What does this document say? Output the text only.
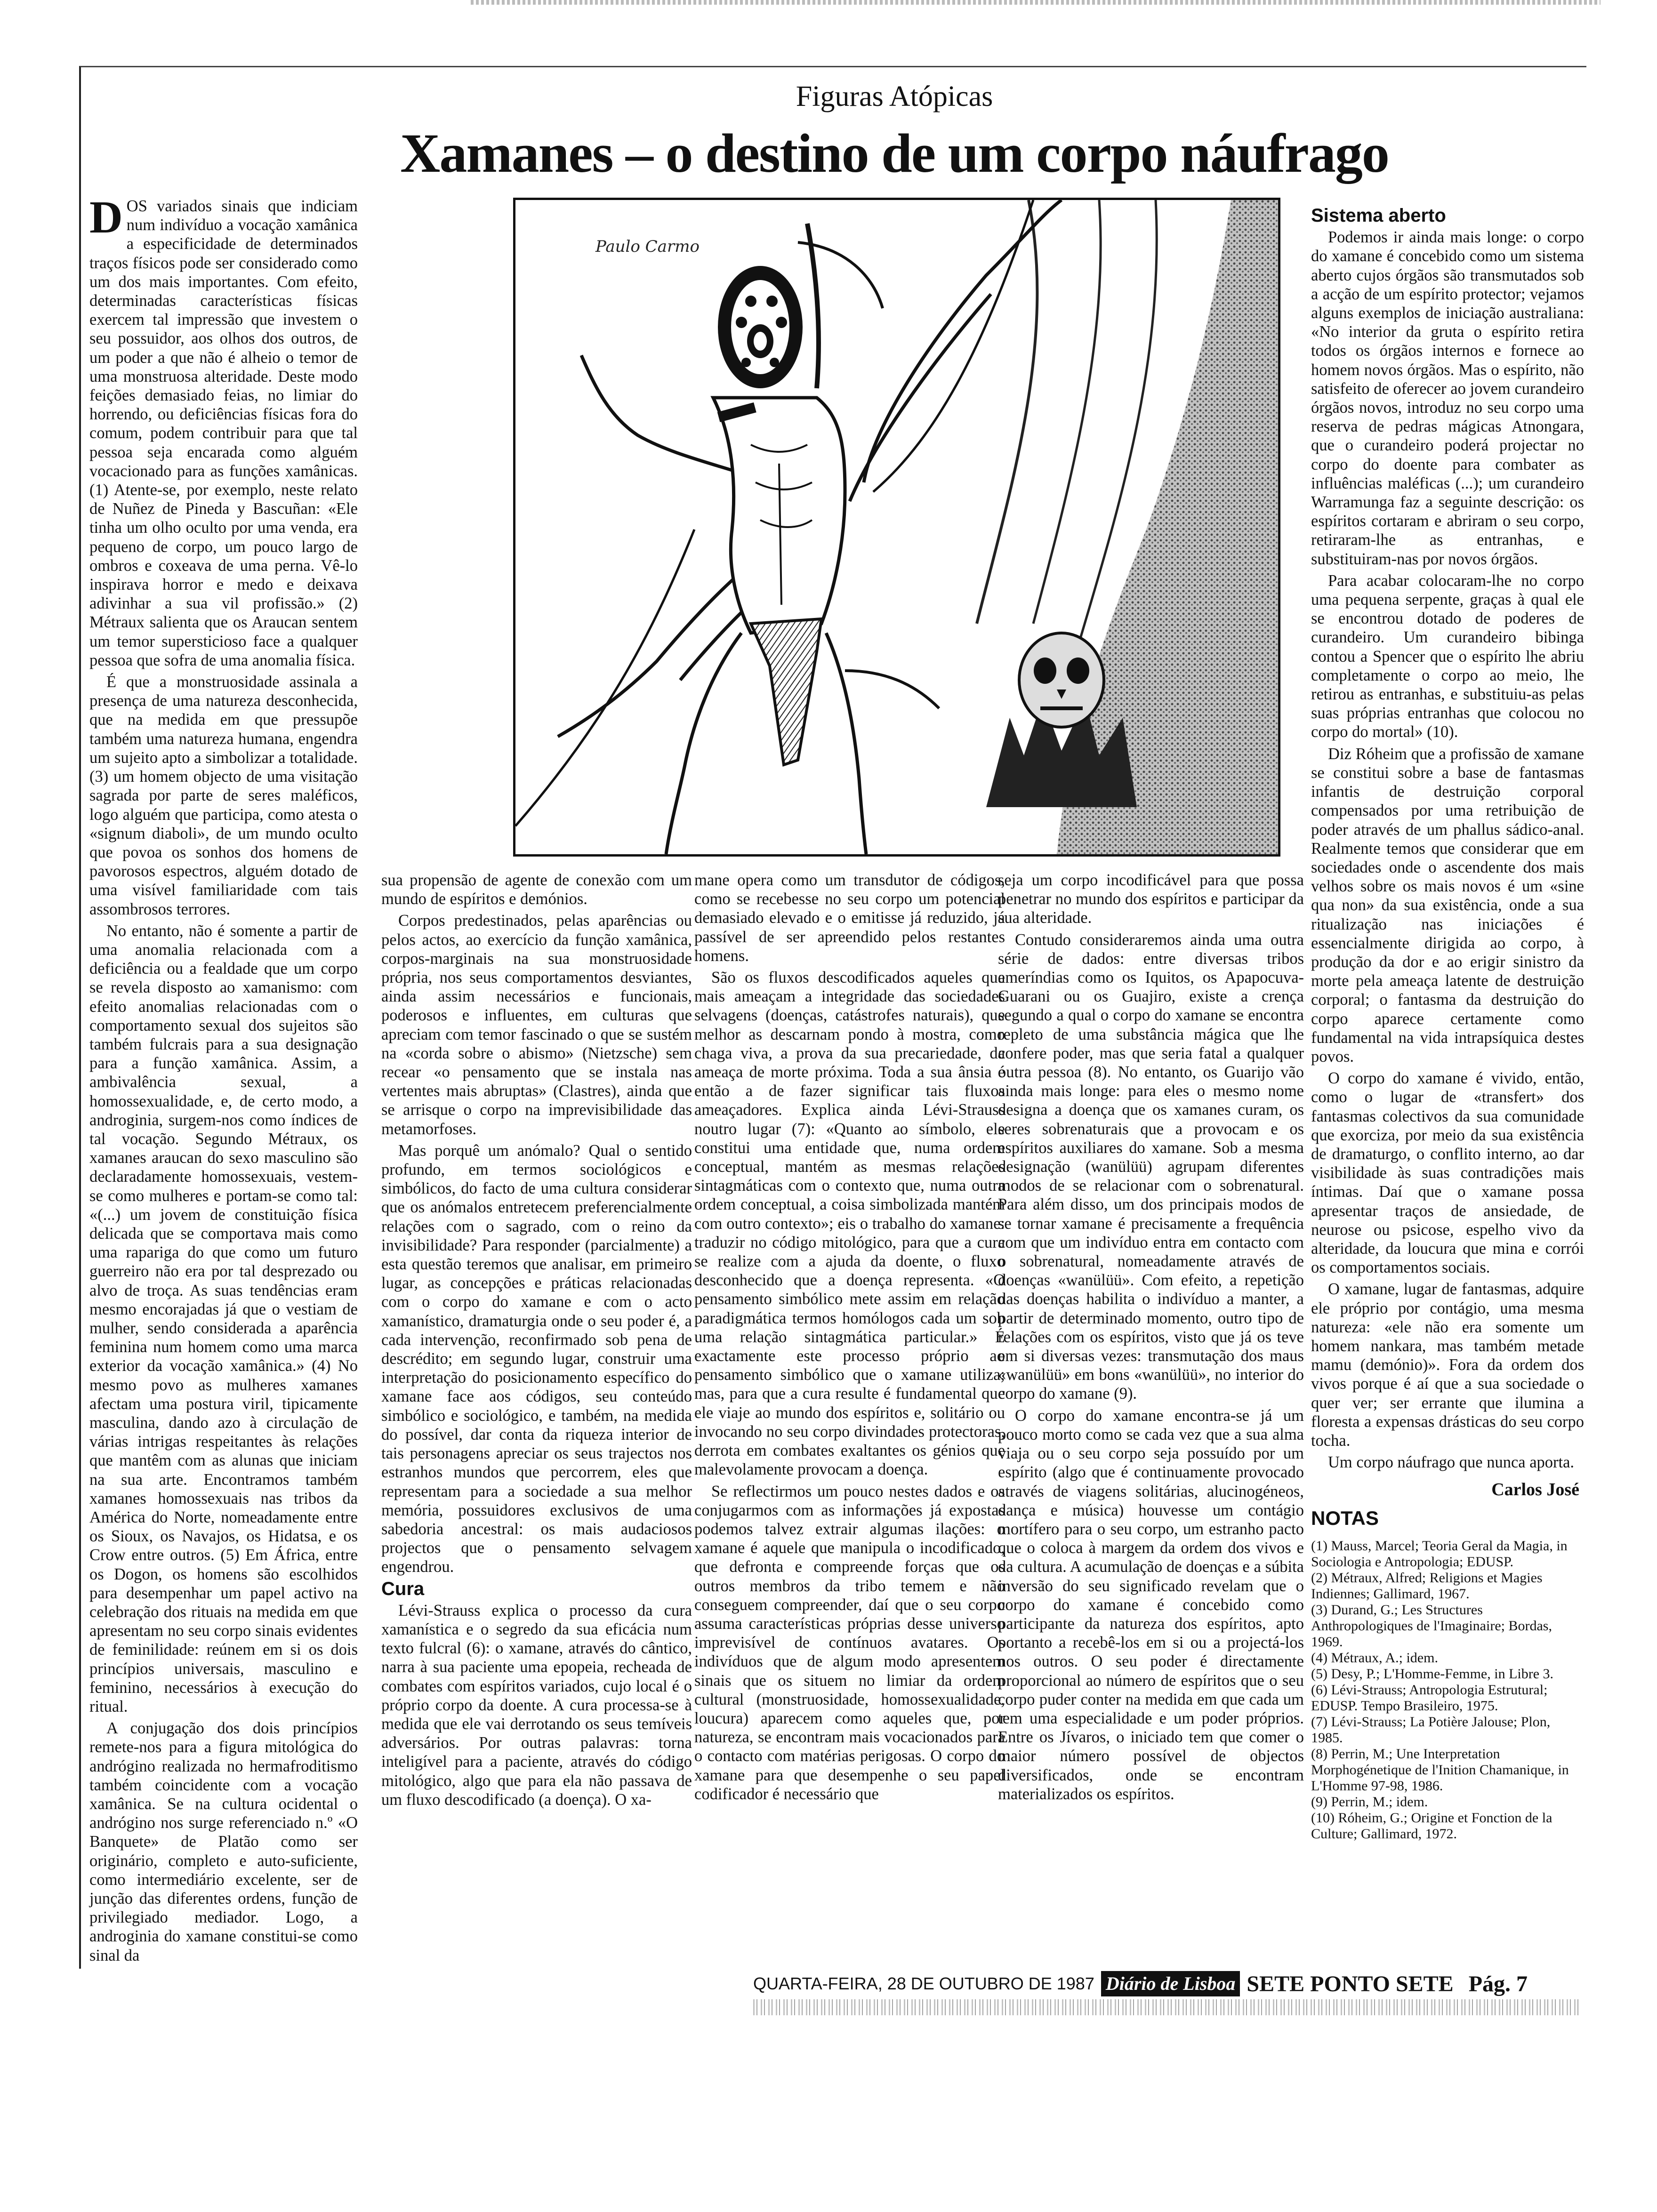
Figuras Atópicas
Xamanes – o destino de um corpo náufrago
Paulo Carmo

DOS variados sinais que indiciam num indivíduo a vocação xamânica a especificidade de determinados traços físicos pode ser considerado como um dos mais importantes. Com efeito, determinadas características físicas exercem tal impressão que investem o seu possuidor, aos olhos dos outros, de um poder a que não é alheio o temor de uma monstruosa alteridade. Deste modo feições demasiado feias, no limiar do horrendo, ou deficiências físicas fora do comum, podem contribuir para que tal pessoa seja encarada como alguém vocacionado para as funções xamânicas. (1) Atente-se, por exemplo, neste relato de Nuñez de Pineda y Bascuñan: «Ele tinha um olho oculto por uma venda, era pequeno de corpo, um pouco largo de ombros e coxeava de uma perna. Vê-lo inspirava horror e medo e deixava adivinhar a sua vil profissão.» (2) Métraux salienta que os Araucan sentem um temor supersticioso face a qualquer pessoa que sofra de uma anomalia física.

É que a monstruosidade assinala a presença de uma natureza desconhecida, que na medida em que pressupõe também uma natureza humana, engendra um sujeito apto a simbolizar a totalidade. (3) um homem objecto de uma visitação sagrada por parte de seres maléficos, logo alguém que participa, como atesta o «signum diaboli», de um mundo oculto que povoa os sonhos dos homens de pavorosos espectros, alguém dotado de uma visível familiaridade com tais assombrosos terrores.

No entanto, não é somente a partir de uma anomalia relacionada com a deficiência ou a fealdade que um corpo se revela disposto ao xamanismo: com efeito anomalias relacionadas com o comportamento sexual dos sujeitos são também fulcrais para a sua designação para a função xamânica. Assim, a ambivalência sexual, a homossexualidade, e, de certo modo, a androginia, surgem-nos como índices de tal vocação. Segundo Métraux, os xamanes araucan do sexo masculino são declaradamente homossexuais, vestem-se como mulheres e portam-se como tal: «(...) um jovem de constituição física delicada que se comportava mais como uma rapariga do que como um futuro guerreiro não era por tal desprezado ou alvo de troça. As suas tendências eram mesmo encorajadas já que o vestiam de mulher, sendo considerada a aparência feminina num homem como uma marca exterior da vocação xamânica.» (4) No mesmo povo as mulheres xamanes afectam uma postura viril, tipicamente masculina, dando azo à circulação de várias intrigas respeitantes às relações que mantêm com as alunas que iniciam na sua arte. Encontramos também xamanes homossexuais nas tribos da América do Norte, nomeadamente entre os Sioux, os Navajos, os Hidatsa, e os Crow entre outros. (5) Em África, entre os Dogon, os homens são escolhidos para desempenhar um papel activo na celebração dos rituais na medida em que apresentam no seu corpo sinais evidentes de feminilidade: reúnem em si os dois princípios universais, masculino e feminino, necessários à execução do ritual.

A conjugação dos dois princípios remete-nos para a figura mitológica do andrógino realizada no hermafroditismo também coincidente com a vocação xamânica. Se na cultura ocidental o andrógino nos surge referenciado n.º «O Banquete» de Platão como ser originário, completo e auto-suficiente, como intermediário excelente, ser de junção das diferentes ordens, função de privilegiado mediador. Logo, a androginia do xamane constitui-se como sinal da

sua propensão de agente de conexão com um mundo de espíritos e demónios.

Corpos predestinados, pelas aparências ou pelos actos, ao exercício da função xamânica, corpos-marginais na sua monstruosidade própria, nos seus comportamentos desviantes, ainda assim necessários e funcionais, poderosos e influentes, em culturas que apreciam com temor fascinado o que se sustém na «corda sobre o abismo» (Nietzsche) sem recear «o pensamento que se instala nas vertentes mais abruptas» (Clastres), ainda que se arrisque o corpo na imprevisibilidade das metamorfoses.

Mas porquê um anómalo? Qual o sentido profundo, em termos sociológicos e simbólicos, do facto de uma cultura considerar que os anómalos entretecem preferencialmente relações com o sagrado, com o reino da invisibilidade? Para responder (parcialmente) a esta questão teremos que analisar, em primeiro lugar, as concepções e práticas relacionadas com o corpo do xamane e com o acto xamanístico, dramaturgia onde o seu poder é, a cada intervenção, reconfirmado sob pena de descrédito; em segundo lugar, construir uma interpretação do posicionamento específico do xamane face aos códigos, seu conteúdo simbólico e sociológico, e também, na medida do possível, dar conta da riqueza interior de tais personagens apreciar os seus trajectos nos estranhos mundos que percorrem, eles que representam para a sociedade a sua melhor memória, possuidores exclusivos de uma sabedoria ancestral: os mais audaciosos projectos que o pensamento selvagem engendrou.

Cura

Lévi-Strauss explica o processo da cura xamanística e o segredo da sua eficácia num texto fulcral (6): o xamane, através do cântico, narra à sua paciente uma epopeia, recheada de combates com espíritos variados, cujo local é o próprio corpo da doente. A cura processa-se à medida que ele vai derrotando os seus temíveis adversários. Por outras palavras: torna inteligível para a paciente, através do código mitológico, algo que para ela não passava de um fluxo descodificado (a doença). O xa-

mane opera como um transdutor de códigos, como se recebesse no seu corpo um potencial demasiado elevado e o emitisse já reduzido, já passível de ser apreendido pelos restantes homens.

São os fluxos descodificados aqueles que mais ameaçam a integridade das sociedades selvagens (doenças, catástrofes naturais), que melhor as descarnam pondo à mostra, como chaga viva, a prova da sua precariedade, da ameaça de morte próxima. Toda a sua ânsia é então a de fazer significar tais fluxos ameaçadores. Explica ainda Lévi-Strauss noutro lugar (7): «Quanto ao símbolo, ele constitui uma entidade que, numa ordem conceptual, mantém as mesmas relações sintagmáticas com o contexto que, numa outra ordem conceptual, a coisa simbolizada mantém com outro contexto»; eis o trabalho do xamane: traduzir no código mitológico, para que a cura se realize com a ajuda da doente, o fluxo desconhecido que a doença representa. «O pensamento simbólico mete assim em relação paradigmática termos homólogos cada um sob uma relação sintagmática particular.» É exactamente este processo próprio ao pensamento simbólico que o xamane utiliza; mas, para que a cura resulte é fundamental que ele viaje ao mundo dos espíritos e, solitário ou invocando no seu corpo divindades protectoras, derrota em combates exaltantes os génios que malevolamente provocam a doença.

Se reflectirmos um pouco nestes dados e os conjugarmos com as informações já expostas podemos talvez extrair algumas ilações: o xamane é aquele que manipula o incodificado, que defronta e compreende forças que os outros membros da tribo temem e não conseguem compreender, daí que o seu corpo assuma características próprias desse universo imprevisível de contínuos avatares. Os indivíduos que de algum modo apresentem sinais que os situem no limiar da ordem cultural (monstruosidade, homossexualidade, loucura) aparecem como aqueles que, por natureza, se encontram mais vocacionados para o contacto com matérias perigosas. O corpo do xamane para que desempenhe o seu papel codificador é necessário que

seja um corpo incodificável para que possa penetrar no mundo dos espíritos e participar da sua alteridade.

Contudo consideraremos ainda uma outra série de dados: entre diversas tribos ameríndias como os Iquitos, os Apapocuva-Guarani ou os Guajiro, existe a crença segundo a qual o corpo do xamane se encontra repleto de uma substância mágica que lhe confere poder, mas que seria fatal a qualquer outra pessoa (8). No entanto, os Guarijo vão ainda mais longe: para eles o mesmo nome designa a doença que os xamanes curam, os seres sobrenaturais que a provocam e os espíritos auxiliares do xamane. Sob a mesma designação (wanülüü) agrupam diferentes modos de se relacionar com o sobrenatural. Para além disso, um dos principais modos de se tornar xamane é precisamente a frequência com que um indivíduo entra em contacto com o sobrenatural, nomeadamente através de doenças «wanülüü». Com efeito, a repetição das doenças habilita o indivíduo a manter, a partir de determinado momento, outro tipo de relações com os espíritos, visto que já os teve em si diversas vezes: transmutação dos maus «wanülüü» em bons «wanülüü», no interior do corpo do xamane (9).

O corpo do xamane encontra-se já um pouco morto como se cada vez que a sua alma viaja ou o seu corpo seja possuído por um espírito (algo que é continuamente provocado através de viagens solitárias, alucinogéneos, dança e música) houvesse um contágio mortífero para o seu corpo, um estranho pacto que o coloca à margem da ordem dos vivos e da cultura. A acumulação de doenças e a súbita inversão do seu significado revelam que o corpo do xamane é concebido como participante da natureza dos espíritos, apto portanto a recebê-los em si ou a projectá-los nos outros. O seu poder é directamente proporcional ao número de espíritos que o seu corpo puder conter na medida em que cada um tem uma especialidade e um poder próprios. Entre os Jívaros, o iniciado tem que comer o maior número possível de objectos diversificados, onde se encontram materializados os espíritos.

Sistema aberto

Podemos ir ainda mais longe: o corpo do xamane é concebido como um sistema aberto cujos órgãos são transmutados sob a acção de um espírito protector; vejamos alguns exemplos de iniciação australiana: «No interior da gruta o espírito retira todos os órgãos internos e fornece ao homem novos órgãos. Mas o espírito, não satisfeito de oferecer ao jovem curandeiro órgãos novos, introduz no seu corpo uma reserva de pedras mágicas Atnongara, que o curandeiro poderá projectar no corpo do doente para combater as influências maléficas (...); um curandeiro Warramunga faz a seguinte descrição: os espíritos cortaram e abriram o seu corpo, retiraram-lhe as entranhas, e substituiram-nas por novos órgãos.

Para acabar colocaram-lhe no corpo uma pequena serpente, graças à qual ele se encontrou dotado de poderes de curandeiro. Um curandeiro bibinga contou a Spencer que o espírito lhe abriu completamente o corpo ao meio, lhe retirou as entranhas, e substituiu-as pelas suas próprias entranhas que colocou no corpo do mortal» (10).

Diz Róheim que a profissão de xamane se constitui sobre a base de fantasmas infantis de destruição corporal compensados por uma retribuição de poder através de um phallus sádico-anal. Realmente temos que considerar que em sociedades onde o ascendente dos mais velhos sobre os mais novos é um «sine qua non» da sua existência, onde a sua ritualização nas iniciações é essencialmente dirigida ao corpo, à produção da dor e ao erigir sinistro da morte pela ameaça latente de destruição corporal; o fantasma da destruição do corpo aparece certamente como fundamental na vida intrapsíquica destes povos.

O corpo do xamane é vivido, então, como o lugar de «transfert» dos fantasmas colectivos da sua comunidade que exorciza, por meio da sua existência de dramaturgo, o conflito interno, ao dar visibilidade às suas contradições mais íntimas. Daí que o xamane possa apresentar traços de ansiedade, de neurose ou psicose, espelho vivo da alteridade, da loucura que mina e corrói os comportamentos sociais.

O xamane, lugar de fantasmas, adquire ele próprio por contágio, uma mesma natureza: «ele não era somente um homem nankara, mas também metade mamu (demónio)». Fora da ordem dos vivos porque é aí que a sua sociedade o quer ver; ser errante que ilumina a floresta a expensas drásticas do seu corpo tocha.

Um corpo náufrago que nunca aportа.

Carlos José
NOTAS
(1) Mauss, Marcel; Teoria Geral da Magia, in Sociologia e Antropologia; EDUSP.
(2) Métraux, Alfred; Religions et Magies Indiennes; Gallimard, 1967.
(3) Durand, G.; Les Structures Anthropologiques de l'Imaginaire; Bordas, 1969.
(4) Métraux, A.; idem.
(5) Desy, P.; L'Homme-Femme, in Libre 3.
(6) Lévi-Strauss; Antropologia Estrutural; EDUSP. Tempo Brasileiro, 1975.
(7) Lévi-Strauss; La Potière Jalouse; Plon, 1985.
(8) Perrin, M.; Une Interpretation Morphogénetique de l'Inition Chamanique, in L'Homme 97-98, 1986.
(9) Perrin, M.; idem.
(10) Róheim, G.; Origine et Fonction de la Culture; Gallimard, 1972.
QUARTA-FEIRA, 28 DE OUTUBRO DE 1987 Diário de Lisboa SETE PONTO SETE Pág. 7
